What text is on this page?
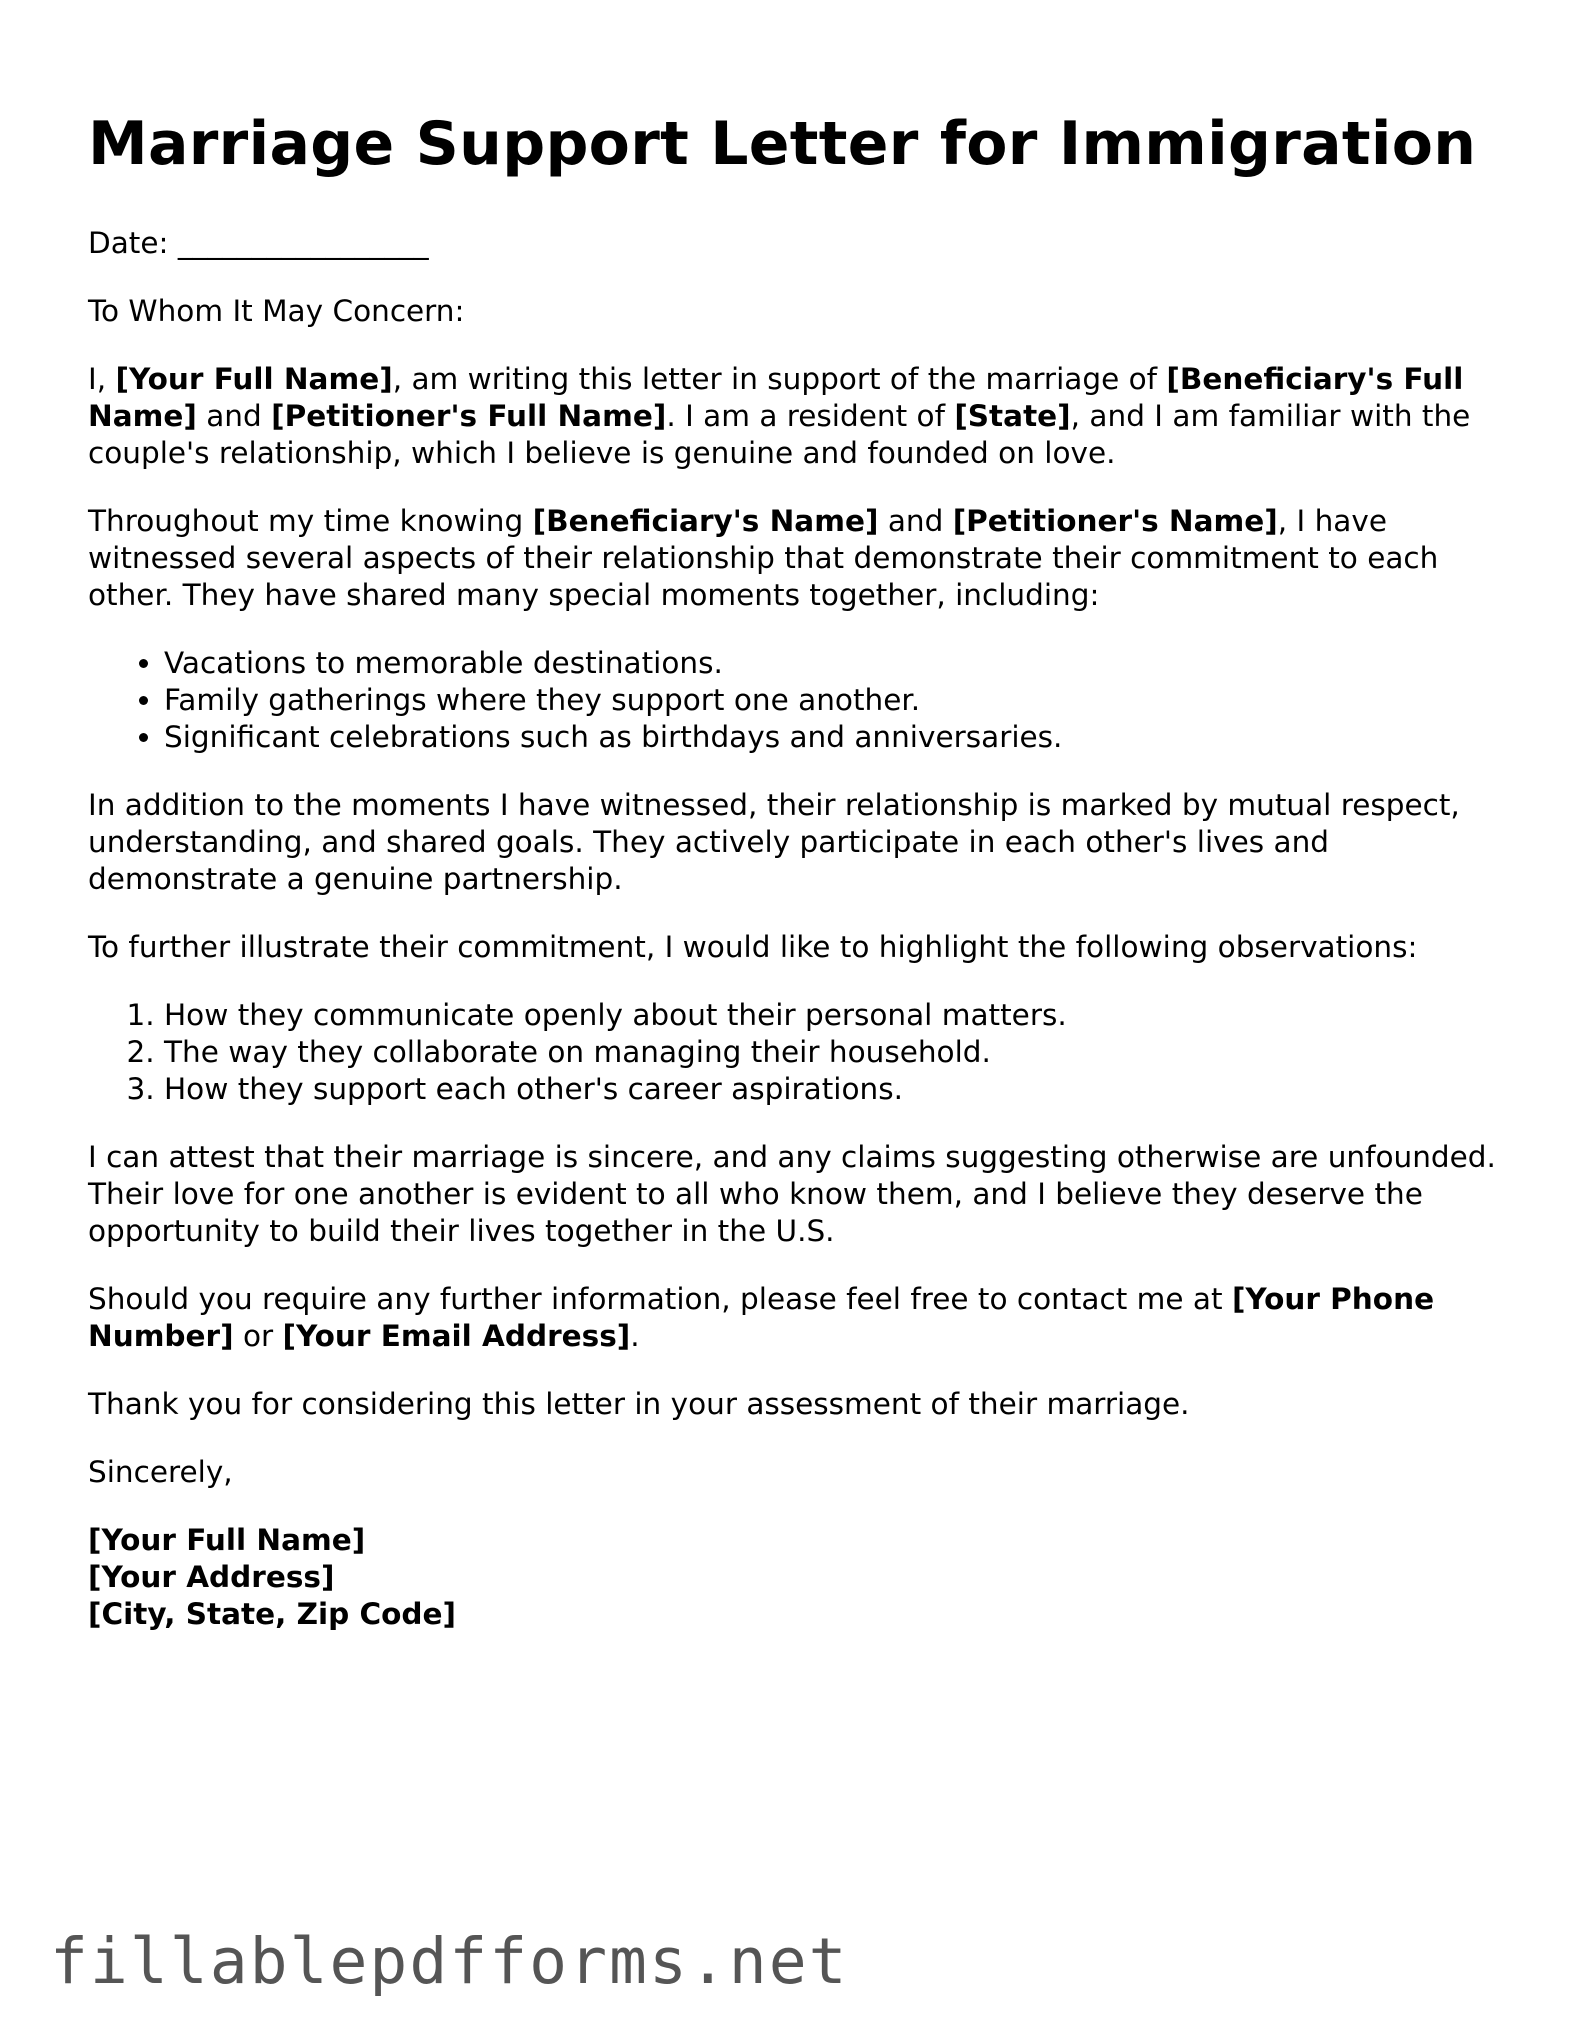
Marriage Support Letter for Immigration

Date: _________________

To Whom It May Concern:

I, [Your Full Name], am writing this letter in support of the marriage of [Beneficiary's Full Name] and [Petitioner's Full Name]. I am a resident of [State], and I am familiar with the couple's relationship, which I believe is genuine and founded on love.

Throughout my time knowing [Beneficiary's Name] and [Petitioner's Name], I have witnessed several aspects of their relationship that demonstrate their commitment to each other. They have shared many special moments together, including:

• Vacations to memorable destinations.
• Family gatherings where they support one another.
• Significant celebrations such as birthdays and anniversaries.

In addition to the moments I have witnessed, their relationship is marked by mutual respect, understanding, and shared goals. They actively participate in each other's lives and demonstrate a genuine partnership.

To further illustrate their commitment, I would like to highlight the following observations:

1. How they communicate openly about their personal matters.
2. The way they collaborate on managing their household.
3. How they support each other's career aspirations.

I can attest that their marriage is sincere, and any claims suggesting otherwise are unfounded. Their love for one another is evident to all who know them, and I believe they deserve the opportunity to build their lives together in the U.S.

Should you require any further information, please feel free to contact me at [Your Phone Number] or [Your Email Address].

Thank you for considering this letter in your assessment of their marriage.

Sincerely,

[Your Full Name]
[Your Address]
[City, State, Zip Code]
fillablepdfforms.net
